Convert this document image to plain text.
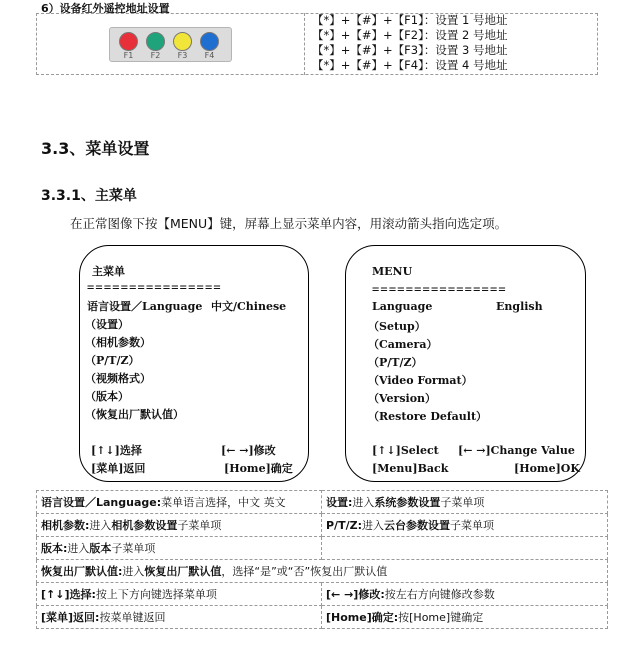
6）设备红外遥控地址设置
F1	F2	F3	F4
【*】+【#】+【F1】：设置 1 号地址
【*】+【#】+【F2】：设置 2 号地址
【*】+【#】+【F3】：设置 3 号地址
【*】+【#】+【F4】：设置 4 号地址
3.3、菜单设置
3.3.1、主菜单
在正常图像下按【MENU】键，屏幕上显示菜单内容，用滚动箭头指向选定项。
主菜单
================
语言设置／Language 中文/Chinese
（设置）
（相机参数）
（P/T/Z）
（视频格式）
（版本）
（恢复出厂默认值）
[↑↓]选择	[← →]修改
[菜单]返回	[Home]确定
MENU
================
Language	English
（Setup）
（Camera）
（P/T/Z）
（Video Format）
（Version）
（Restore Default）
[↑↓]Select [← →]Change Value
[Menu]Back	[Home]OK
语言设置／Language:菜单语言选择，中文 英文	设置:进入系统参数设置子菜单项
相机参数:进入相机参数设置子菜单项	P/T/Z:进入云台参数设置子菜单项
版本:进入版本子菜单项	
恢复出厂默认值:进入恢复出厂默认值，选择“是”或“否”恢复出厂默认值	
[↑↓]选择:按上下方向键选择菜单项	[← →]修改:按左右方向键修改参数
[菜单]返回:按菜单键返回	[Home]确定:按[Home]键确定
